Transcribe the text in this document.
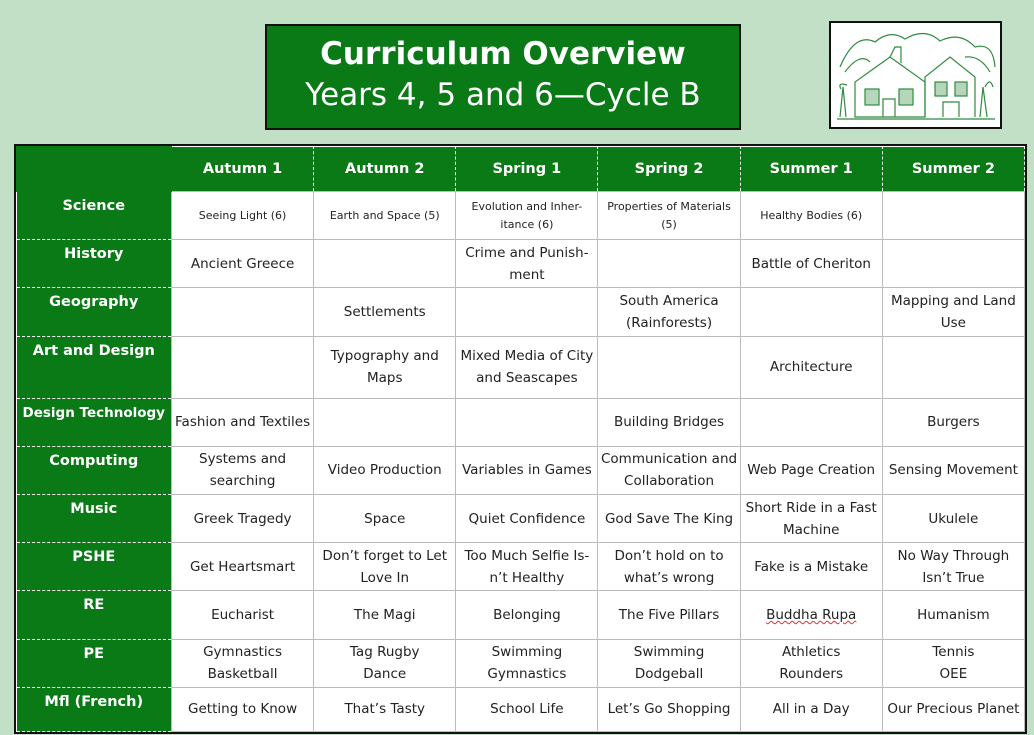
Curriculum Overview
Years 4, 5 and 6—Cycle B
	Autumn 1	Autumn 2	Spring 1	Spring 2	Summer 1	Summer 2
Science	Seeing Light (6)	Earth and Space (5)	Evolution and Inher-itance (6)	Properties of Materials (5)	Healthy Bodies (6)	
History	Ancient Greece		Crime and Punish-ment		Battle of Cheriton	
Geography		Settlements		South America (Rainforests)		Mapping and Land Use
Art and Design		Typography and Maps	Mixed Media of City and Seascapes		Architecture	
Design Technology	Fashion and Textiles			Building Bridges		Burgers
Computing	Systems and searching	Video Production	Variables in Games	Communication and Collaboration	Web Page Creation	Sensing Movement
Music	Greek Tragedy	Space	Quiet Confidence	God Save The King	Short Ride in a Fast Machine	Ukulele
PSHE	Get Heartsmart	Don’t forget to Let Love In	Too Much Selfie Is-n’t Healthy	Don’t hold on to what’s wrong	Fake is a Mistake	No Way Through Isn’t True
RE	Eucharist	The Magi	Belonging	The Five Pillars	Buddha Rupa	Humanism
PE	Gymnastics Basketball	Tag Rugby Dance	Swimming Gymnastics	Swimming Dodgeball	Athletics Rounders	Tennis OEE
Mfl (French)	Getting to Know	That’s Tasty	School Life	Let’s Go Shopping	All in a Day	Our Precious Planet
